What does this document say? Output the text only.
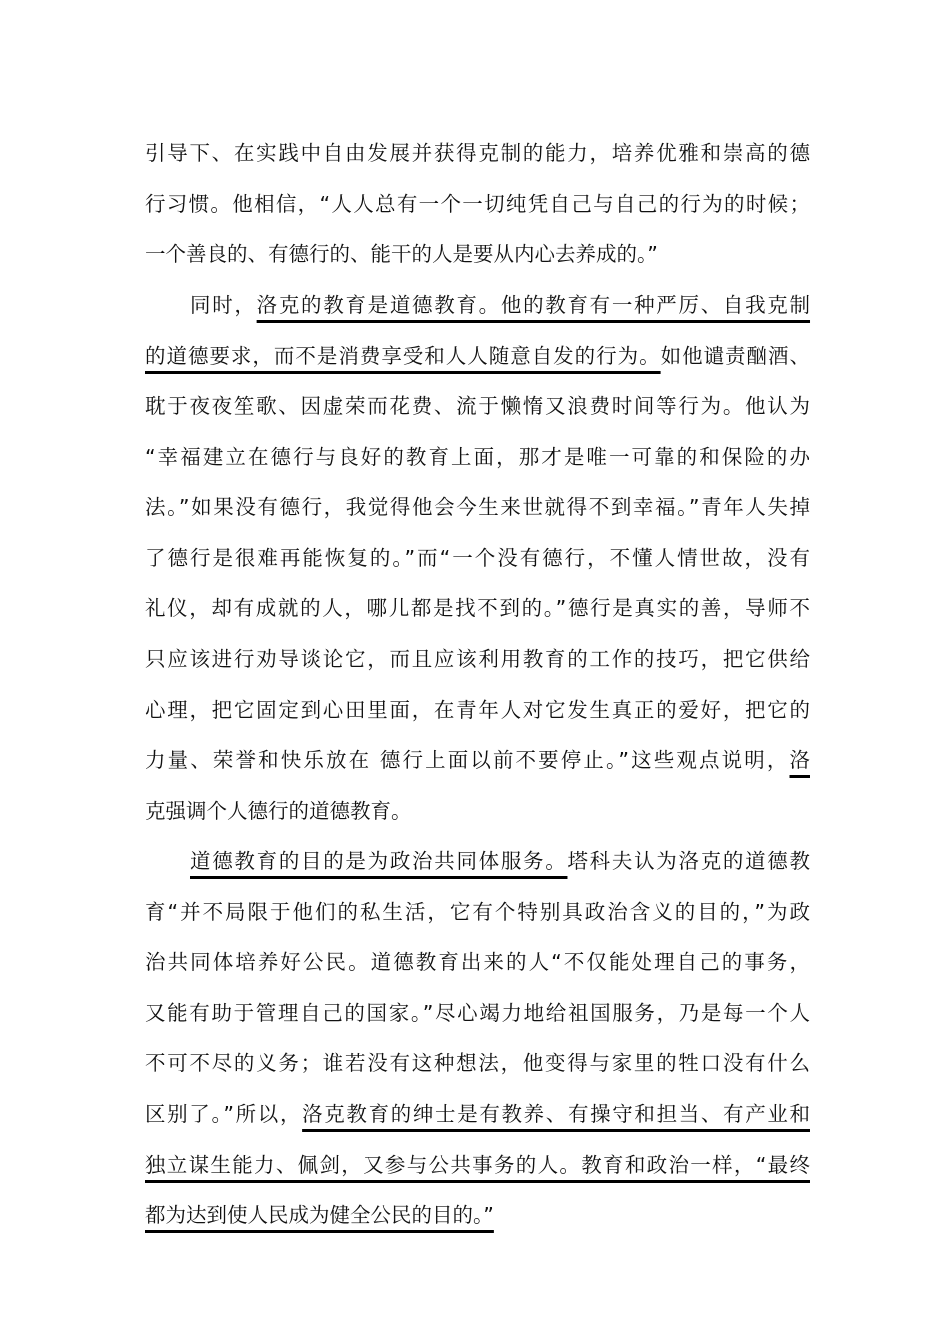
引导下、在实践中自由发展并获得克制的能力，培养优雅和崇高的德

行习惯。他相信，“人人总有一个一切纯凭自己与自己的行为的时候；

一个善良的、有德行的、能干的人是要从内心去养成的。”

同时，洛克的教育是道德教育。他的教育有一种严厉、自我克制

的道德要求，而不是消费享受和人人随意自发的行为。如他谴责酗酒、

耽于夜夜笙歌、因虚荣而花费、流于懒惰又浪费时间等行为。他认为

“幸福建立在德行与良好的教育上面，那才是唯一可靠的和保险的办

法。”如果没有德行，我觉得他会今生来世就得不到幸福。”青年人失掉

了德行是很难再能恢复的。”而“一个没有德行，不懂人情世故，没有

礼仪，却有成就的人，哪儿都是找不到的。”德行是真实的善，导师不

只应该进行劝导谈论它，而且应该利用教育的工作的技巧，把它供给

心理，把它固定到心田里面，在青年人对它发生真正的爱好，把它的

力量、荣誉和快乐放在 德行上面以前不要停止。”这些观点说明，洛

克强调个人德行的道德教育。

道德教育的目的是为政治共同体服务。塔科夫认为洛克的道德教

育“并不局限于他们的私生活，它有个特别具政治含义的目的，”为政

治共同体培养好公民。道德教育出来的人“不仅能处理自己的事务，

又能有助于管理自己的国家。”尽心竭力地给祖国服务，乃是每一个人

不可不尽的义务；谁若没有这种想法，他变得与家里的牲口没有什么

区别了。”所以，洛克教育的绅士是有教养、有操守和担当、有产业和

独立谋生能力、佩剑，又参与公共事务的人。教育和政治一样，“最终

都为达到使人民成为健全公民的目的。”
